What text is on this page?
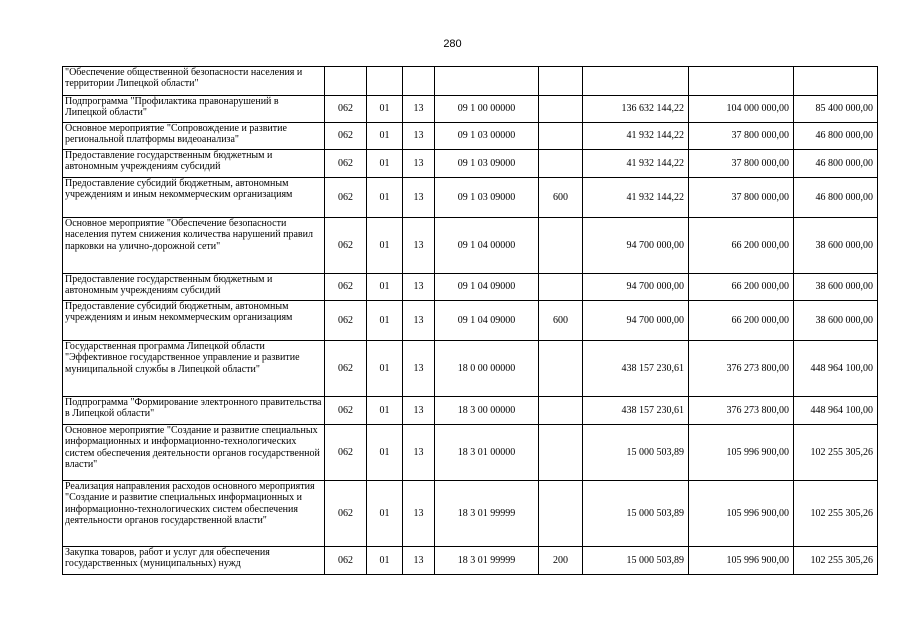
280
"Обеспечение общественной безопасности населения и территории Липецкой области"								
Подпрограмма "Профилактика правонарушений в Липецкой области"	062	01	13	09 1 00 00000		136 632 144,22	104 000 000,00	85 400 000,00
Основное мероприятие "Сопровождение и развитие региональной платформы видеоанализа"	062	01	13	09 1 03 00000		41 932 144,22	37 800 000,00	46 800 000,00
Предоставление государственным бюджетным и автономным учреждениям субсидий	062	01	13	09 1 03 09000		41 932 144,22	37 800 000,00	46 800 000,00
Предоставление субсидий бюджетным, автономным учреждениям и иным некоммерческим организациям	062	01	13	09 1 03 09000	600	41 932 144,22	37 800 000,00	46 800 000,00
Основное мероприятие "Обеспечение безопасности населения путем снижения количества нарушений правил парковки на улично-дорожной сети"	062	01	13	09 1 04 00000		94 700 000,00	66 200 000,00	38 600 000,00
Предоставление государственным бюджетным и автономным учреждениям субсидий	062	01	13	09 1 04 09000		94 700 000,00	66 200 000,00	38 600 000,00
Предоставление субсидий бюджетным, автономным учреждениям и иным некоммерческим организациям	062	01	13	09 1 04 09000	600	94 700 000,00	66 200 000,00	38 600 000,00
Государственная программа Липецкой области "Эффективное государственное управление и развитие муниципальной службы в Липецкой области"	062	01	13	18 0 00 00000		438 157 230,61	376 273 800,00	448 964 100,00
Подпрограмма "Формирование электронного правительства в Липецкой области"	062	01	13	18 3 00 00000		438 157 230,61	376 273 800,00	448 964 100,00
Основное мероприятие "Создание и развитие специальных информационных и информационно-технологических систем обеспечения деятельности органов государственной власти"	062	01	13	18 3 01 00000		15 000 503,89	105 996 900,00	102 255 305,26
Реализация направления расходов основного мероприятия "Создание и развитие специальных информационных и информационно-технологических систем обеспечения деятельности органов государственной власти"	062	01	13	18 3 01 99999		15 000 503,89	105 996 900,00	102 255 305,26
Закупка товаров, работ и услуг для обеспечения государственных (муниципальных) нужд	062	01	13	18 3 01 99999	200	15 000 503,89	105 996 900,00	102 255 305,26
